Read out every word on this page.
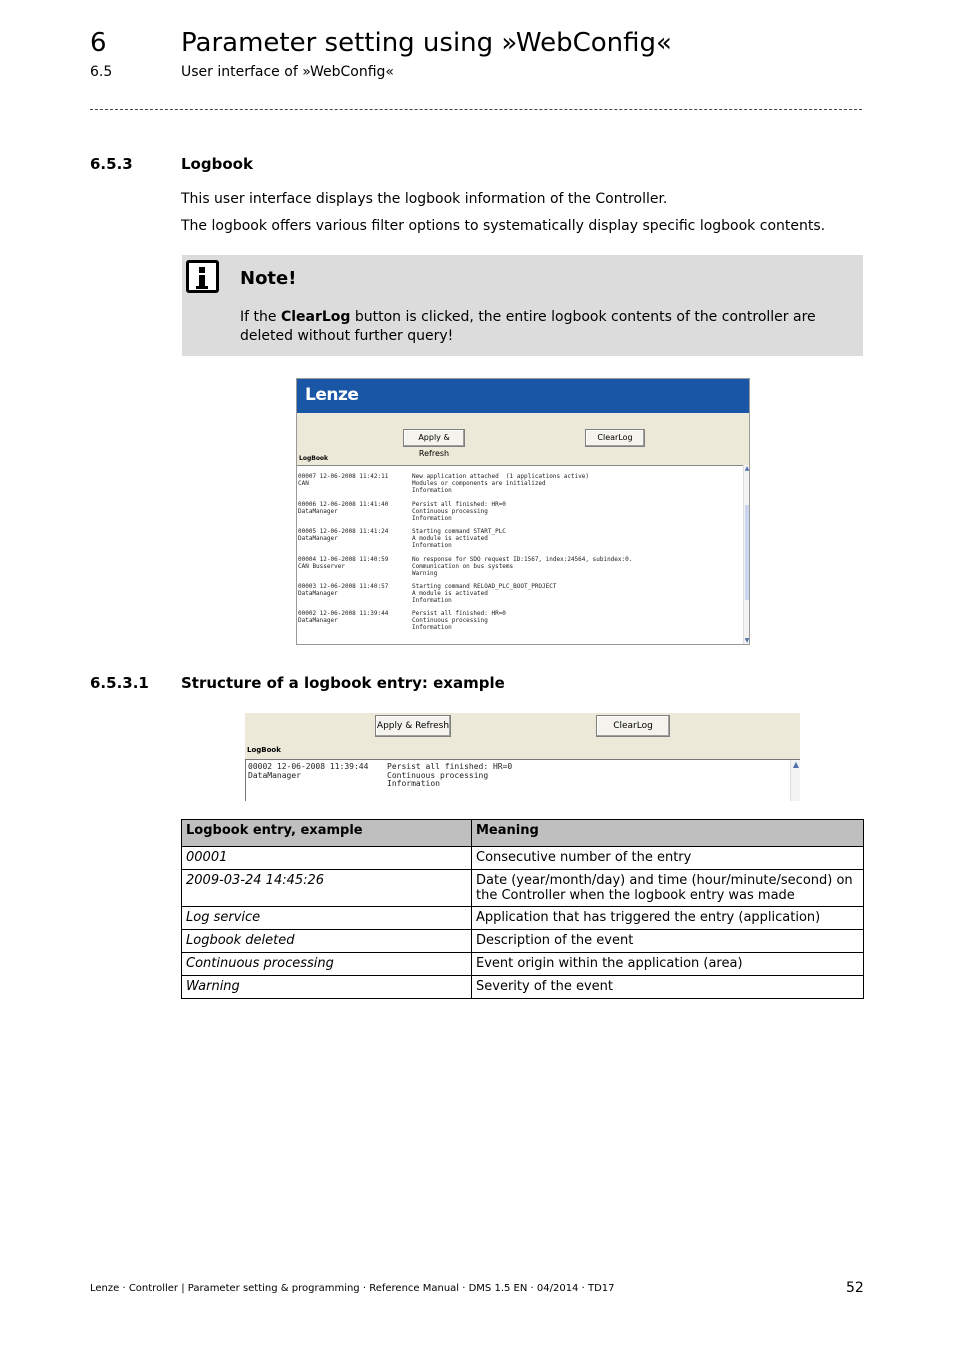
6	Parameter setting using »WebConfig«
6.5	User interface of »WebConfig«
6.5.3	Logbook
This user interface displays the logbook information of the Controller.
The logbook offers various filter options to systematically display specific logbook contents.
Note!
If the ClearLog button is clicked, the entire logbook contents of the controller are deleted without further query!
Lenze
Apply & Refresh
ClearLog
LogBook
00007 12-06-2008 11:42:11
CAN
New application attached  (1 applications active)
Modules or components are initialized
Information
00006 12-06-2008 11:41:40
DataManager
Persist all finished: HR=0
Continuous processing
Information
00005 12-06-2008 11:41:24
DataManager
Starting command START_PLC
A module is activated
Information
00004 12-06-2008 11:40:59
CAN Busserver
No response for SDO request ID:1567, index:24564, subindex:0.
Communication on bus systems
Warning
00003 12-06-2008 11:40:57
DataManager
Starting command RELOAD_PLC_BOOT_PROJECT
A module is activated
Information
00002 12-06-2008 11:39:44
DataManager
Persist all finished: HR=0
Continuous processing
Information
▲
▼
6.5.3.1 Structure of a logbook entry: example
Apply & Refresh	ClearLog
LogBook
00002 12-06-2008 11:39:44
DataManager
Persist all finished: HR=0
Continuous processing
Information
▲
Logbook entry, example	Meaning
00001	Consecutive number of the entry
2009-03-24 14:45:26	Date (year/month/day) and time (hour/minute/second) on the Controller when the logbook entry was made
Log service	Application that has triggered the entry (application)
Logbook deleted	Description of the event
Continuous processing	Event origin within the application (area)
Warning	Severity of the event
Lenze · Controller | Parameter setting & programming · Reference Manual · DMS 1.5 EN · 04/2014 · TD17	52
